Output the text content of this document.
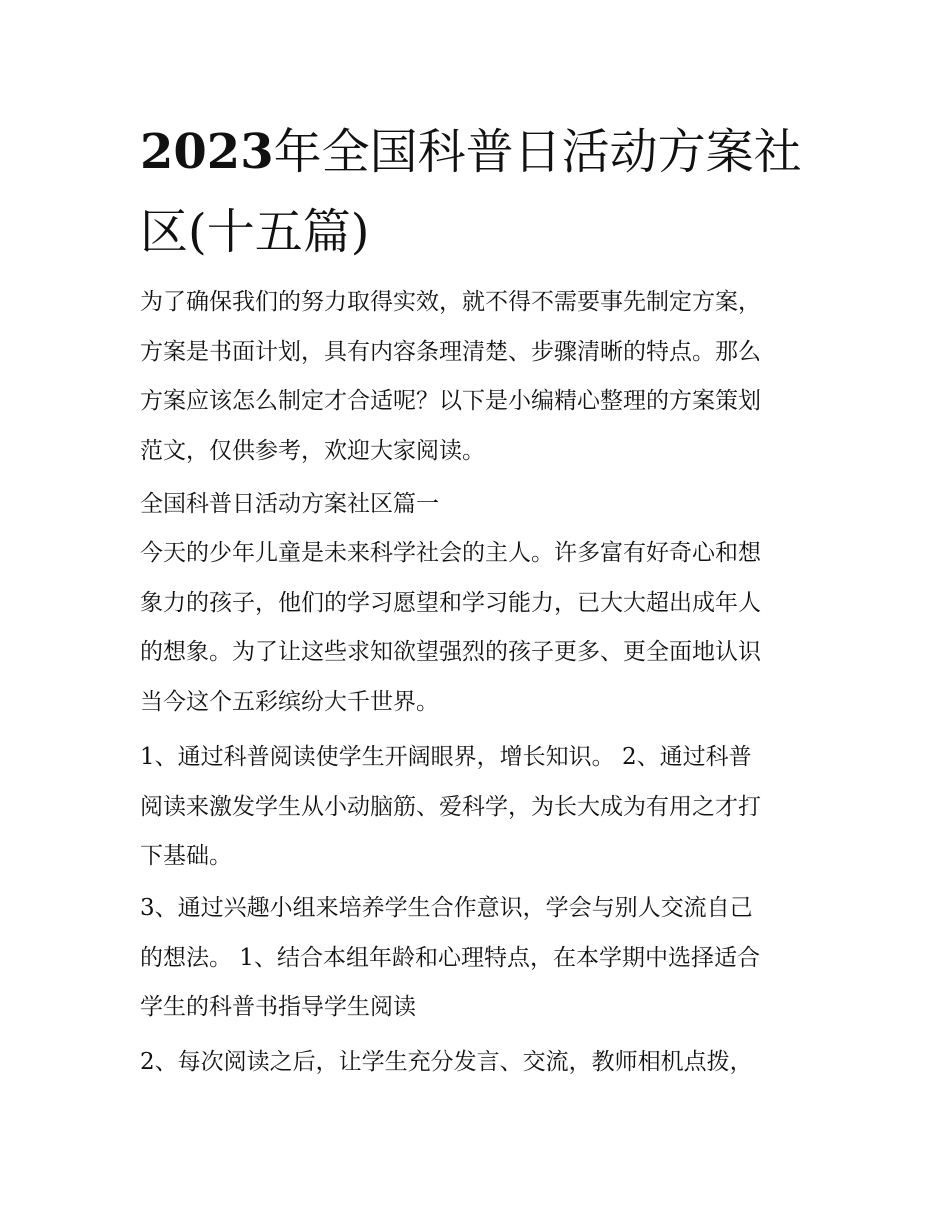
2023年全国科普日活动方案社
区(十五篇)

为了确保我们的努力取得实效，就不得不需要事先制定方案，
方案是书面计划，具有内容条理清楚、步骤清晰的特点。那么
方案应该怎么制定才合适呢？以下是小编精心整理的方案策划
范文，仅供参考，欢迎大家阅读。

全国科普日活动方案社区篇一

今天的少年儿童是未来科学社会的主人。许多富有好奇心和想
象力的孩子，他们的学习愿望和学习能力，已大大超出成年人
的想象。为了让这些求知欲望强烈的孩子更多、更全面地认识
当今这个五彩缤纷大千世界。

1、通过科普阅读使学生开阔眼界，增长知识。 2、通过科普
阅读来激发学生从小动脑筋、爱科学，为长大成为有用之才打
下基础。

3、通过兴趣小组来培养学生合作意识，学会与别人交流自己
的想法。 1、结合本组年龄和心理特点，在本学期中选择适合
学生的科普书指导学生阅读

2、每次阅读之后，让学生充分发言、交流，教师相机点拨，
